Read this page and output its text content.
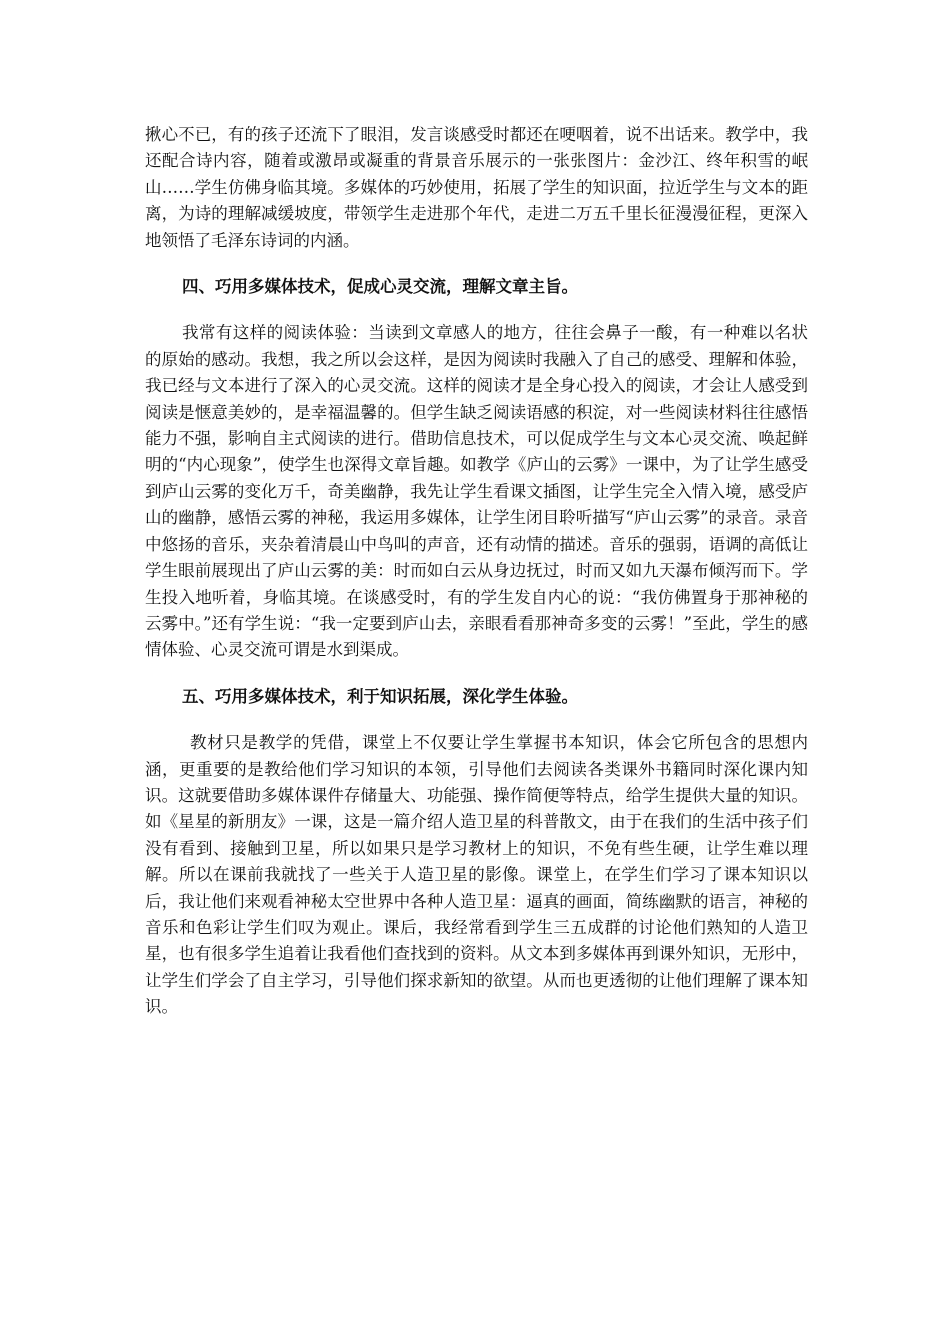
揪心不已，有的孩子还流下了眼泪，发言谈感受时都还在哽咽着，说不出话来。教学中，我还配合诗内容，随着或激昂或凝重的背景音乐展示的一张张图片：金沙江、终年积雪的岷山……学生仿佛身临其境。多媒体的巧妙使用，拓展了学生的知识面，拉近学生与文本的距离，为诗的理解减缓坡度，带领学生走进那个年代，走进二万五千里长征漫漫征程，更深入地领悟了毛泽东诗词的内涵。

四、巧用多媒体技术，促成心灵交流，理解文章主旨。

我常有这样的阅读体验：当读到文章感人的地方，往往会鼻子一酸，有一种难以名状的原始的感动。我想，我之所以会这样，是因为阅读时我融入了自己的感受、理解和体验，我已经与文本进行了深入的心灵交流。这样的阅读才是全身心投入的阅读，才会让人感受到阅读是惬意美妙的，是幸福温馨的。但学生缺乏阅读语感的积淀，对一些阅读材料往往感悟能力不强，影响自主式阅读的进行。借助信息技术，可以促成学生与文本心灵交流、唤起鲜明的“内心现象”，使学生也深得文章旨趣。如教学《庐山的云雾》一课中，为了让学生感受到庐山云雾的变化万千，奇美幽静，我先让学生看课文插图，让学生完全入情入境，感受庐山的幽静，感悟云雾的神秘，我运用多媒体，让学生闭目聆听描写“庐山云雾”的录音。录音中悠扬的音乐，夹杂着清晨山中鸟叫的声音，还有动情的描述。音乐的强弱，语调的高低让学生眼前展现出了庐山云雾的美：时而如白云从身边抚过，时而又如九天瀑布倾泻而下。学生投入地听着，身临其境。在谈感受时，有的学生发自内心的说：“我仿佛置身于那神秘的云雾中。”还有学生说：“我一定要到庐山去，亲眼看看那神奇多变的云雾！”至此，学生的感情体验、心灵交流可谓是水到渠成。

五、巧用多媒体技术，利于知识拓展，深化学生体验。

教材只是教学的凭借，课堂上不仅要让学生掌握书本知识，体会它所包含的思想内涵，更重要的是教给他们学习知识的本领，引导他们去阅读各类课外书籍同时深化课内知识。这就要借助多媒体课件存储量大、功能强、操作简便等特点，给学生提供大量的知识。如《星星的新朋友》一课，这是一篇介绍人造卫星的科普散文，由于在我们的生活中孩子们没有看到、接触到卫星，所以如果只是学习教材上的知识，不免有些生硬，让学生难以理解。所以在课前我就找了一些关于人造卫星的影像。课堂上，在学生们学习了课本知识以后，我让他们来观看神秘太空世界中各种人造卫星：逼真的画面，简练幽默的语言，神秘的音乐和色彩让学生们叹为观止。课后，我经常看到学生三五成群的讨论他们熟知的人造卫星，也有很多学生追着让我看他们查找到的资料。从文本到多媒体再到课外知识，无形中，让学生们学会了自主学习，引导他们探求新知的欲望。从而也更透彻的让他们理解了课本知识。
